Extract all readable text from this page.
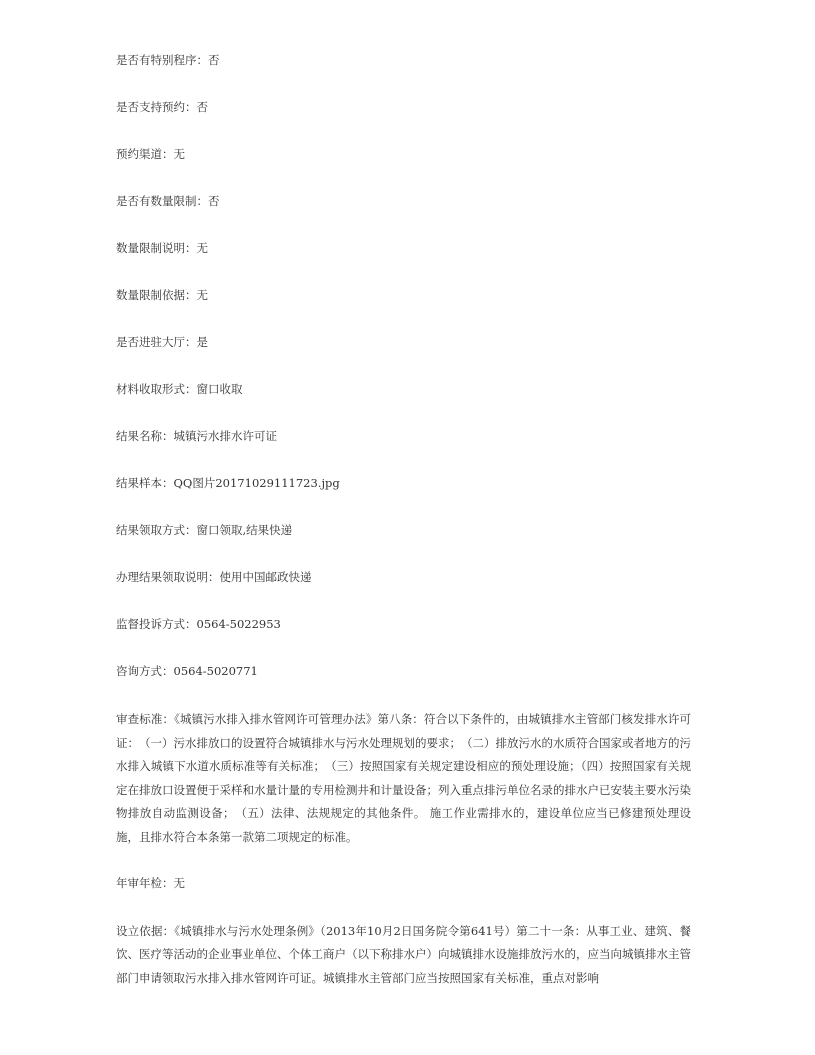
是否有特别程序：否
是否支持预约：否
预约渠道：无
是否有数量限制：否
数量限制说明：无
数量限制依据：无
是否进驻大厅：是
材料收取形式：窗口收取
结果名称：城镇污水排水许可证
结果样本：QQ图片20171029111723.jpg
结果领取方式：窗口领取,结果快递
办理结果领取说明：使用中国邮政快递
监督投诉方式：0564-5022953
咨询方式：0564-5020771

审查标准：《城镇污水排入排水管网许可管理办法》第八条：符合以下条件的，由城镇排水主管部门核发排水许可证：　（一）污水排放口的设置符合城镇排水与污水处理规划的要求；　（二）排放污水的水质符合国家或者地方的污水排入城镇下水道水质标准等有关标准；　（三）按照国家有关规定建设相应的预处理设施；（四）按照国家有关规定在排放口设置便于采样和水量计量的专用检测井和计量设备；列入重点排污单位名录的排水户已安装主要水污染物排放自动监测设备；　（五）法律、法规规定的其他条件。 施工作业需排水的，建设单位应当已修建预处理设施，且排水符合本条第一款第二项规定的标准。

年审年检：无

设立依据：《城镇排水与污水处理条例》（2013年10月2日国务院令第641号）第二十一条：从事工业、建筑、餐饮、医疗等活动的企业事业单位、个体工商户（以下称排水户）向城镇排水设施排放污水的，应当向城镇排水主管部门申请领取污水排入排水管网许可证。城镇排水主管部门应当按照国家有关标准，重点对影响
